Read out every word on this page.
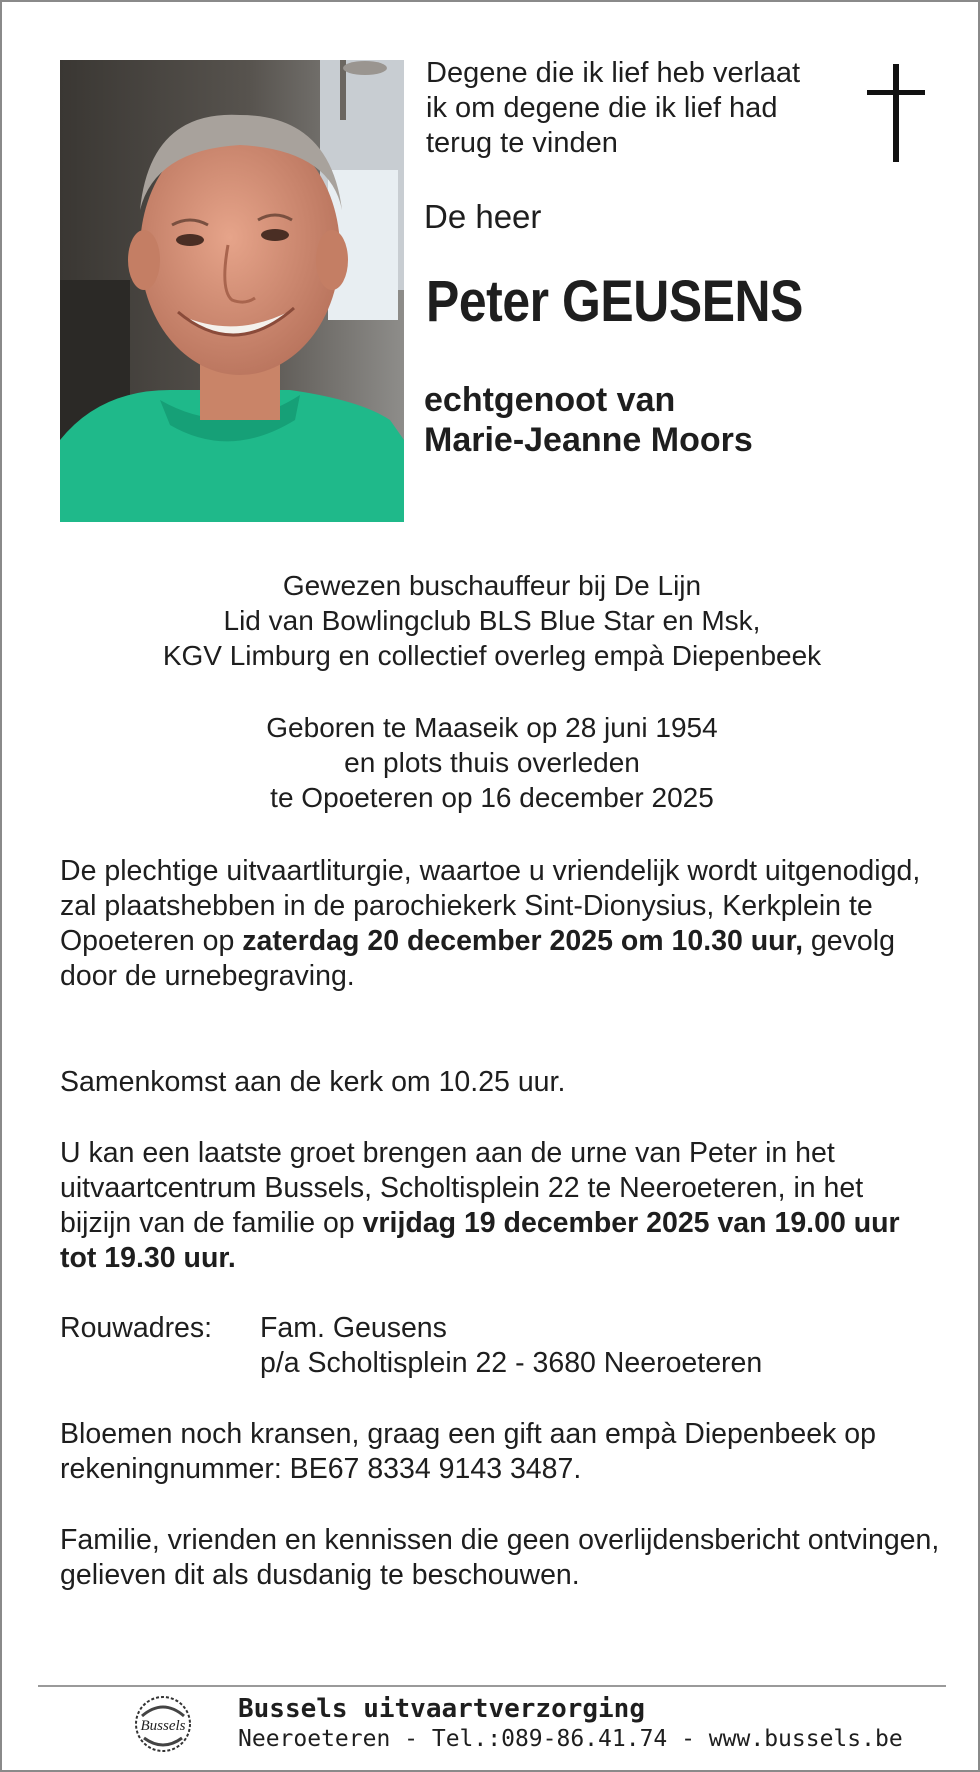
Degene die ik lief heb verlaat
ik om degene die ik lief had
terug te vinden

De heer
Peter GEUSENS

echtgenoot van
Marie-Jeanne Moors

Gewezen buschauffeur bij De Lijn
Lid van Bowlingclub BLS Blue Star en Msk,
KGV Limburg en collectief overleg empà Diepenbeek

Geboren te Maaseik op 28 juni 1954
en plots thuis overleden
te Opoeteren op 16 december 2025

De plechtige uitvaartliturgie, waartoe u vriendelijk wordt uitgenodigd, zal plaatshebben in de parochiekerk Sint-Dionysius, Kerkplein te Opoeteren op zaterdag 20 december 2025 om 10.30 uur, gevolg door de urnebegraving.

Samenkomst aan de kerk om 10.25 uur.

U kan een laatste groet brengen aan de urne van Peter in het uitvaartcentrum Bussels, Scholtisplein 22 te Neeroeteren, in het bijzijn van de familie op vrijdag 19 december 2025 van 19.00 uur tot 19.30 uur.

Rouwadres: Fam. Geusens
p/a Scholtisplein 22 - 3680 Neeroeteren

Bloemen noch kransen, graag een gift aan empà Diepenbeek op rekeningnummer: BE67 8334 9143 3487.

Familie, vrienden en kennissen die geen overlijdensbericht ontvingen, gelieven dit als dusdanig te beschouwen.

Bussels

Bussels uitvaartverzorging

Neeroeteren - Tel.:089-86.41.74 - www.bussels.be
